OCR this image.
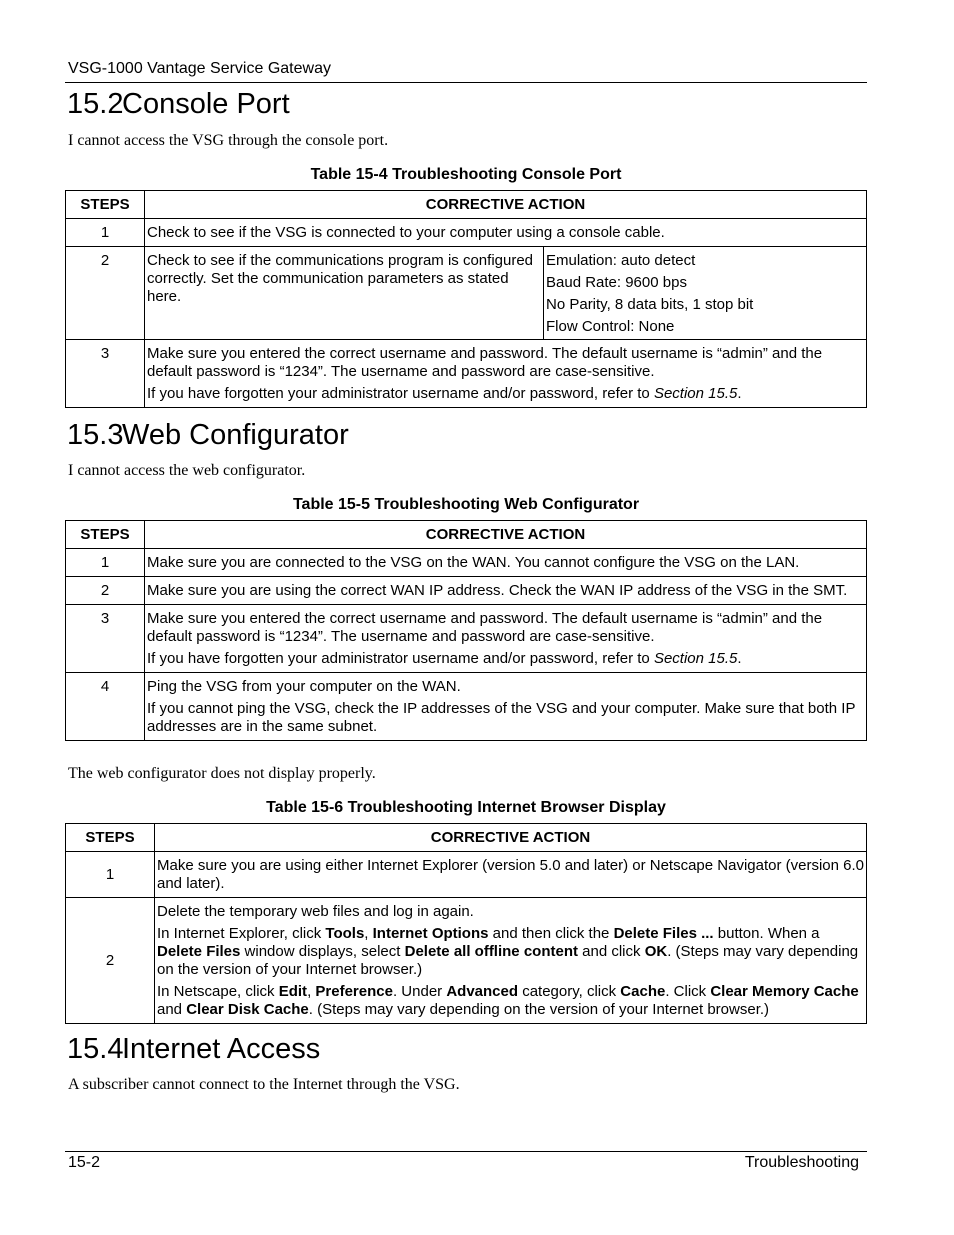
VSG-1000 Vantage Service Gateway
15.2Console Port
I cannot access the VSG through the console port.
Table 15-4 Troubleshooting Console Port
STEPS	CORRECTIVE ACTION	
1	Check to see if the VSG is connected to your computer using a console cable.	
2	Check to see if the communications program is configured correctly. Set the communication parameters as stated here.	Emulation: auto detect

Baud Rate: 9600 bps

No Parity, 8 data bits, 1 stop bit

Flow Control: None

3	Make sure you entered the correct username and password. The default username is “admin” and the default password is “1234”. The username and password are case-sensitive.

If you have forgotten your administrator username and/or password, refer to Section 15.5.	

15.3Web Configurator
I cannot access the web configurator.
Table 15-5 Troubleshooting Web Configurator
STEPS	CORRECTIVE ACTION
1	Make sure you are connected to the VSG on the WAN. You cannot configure the VSG on the LAN.
2	Make sure you are using the correct WAN IP address. Check the WAN IP address of the VSG in the SMT.
3	Make sure you entered the correct username and password. The default username is “admin” and the default password is “1234”. The username and password are case-sensitive.

If you have forgotten your administrator username and/or password, refer to Section 15.5.

4	Ping the VSG from your computer on the WAN.

If you cannot ping the VSG, check the IP addresses of the VSG and your computer. Make sure that both IP addresses are in the same subnet.

The web configurator does not display properly.
Table 15-6 Troubleshooting Internet Browser Display
STEPS	CORRECTIVE ACTION
1	Make sure you are using either Internet Explorer (version 5.0 and later) or Netscape Navigator (version 6.0 and later).
2	Delete the temporary web files and log in again.

In Internet Explorer, click Tools, Internet Options and then click the Delete Files ... button. When a Delete Files window displays, select Delete all offline content and click OK. (Steps may vary depending on the version of your Internet browser.)

In Netscape, click Edit, Preference. Under Advanced category, click Cache. Click Clear Memory Cache and Clear Disk Cache. (Steps may vary depending on the version of your Internet browser.)

15.4Internet Access
A subscriber cannot connect to the Internet through the VSG.
15-2	Troubleshooting
